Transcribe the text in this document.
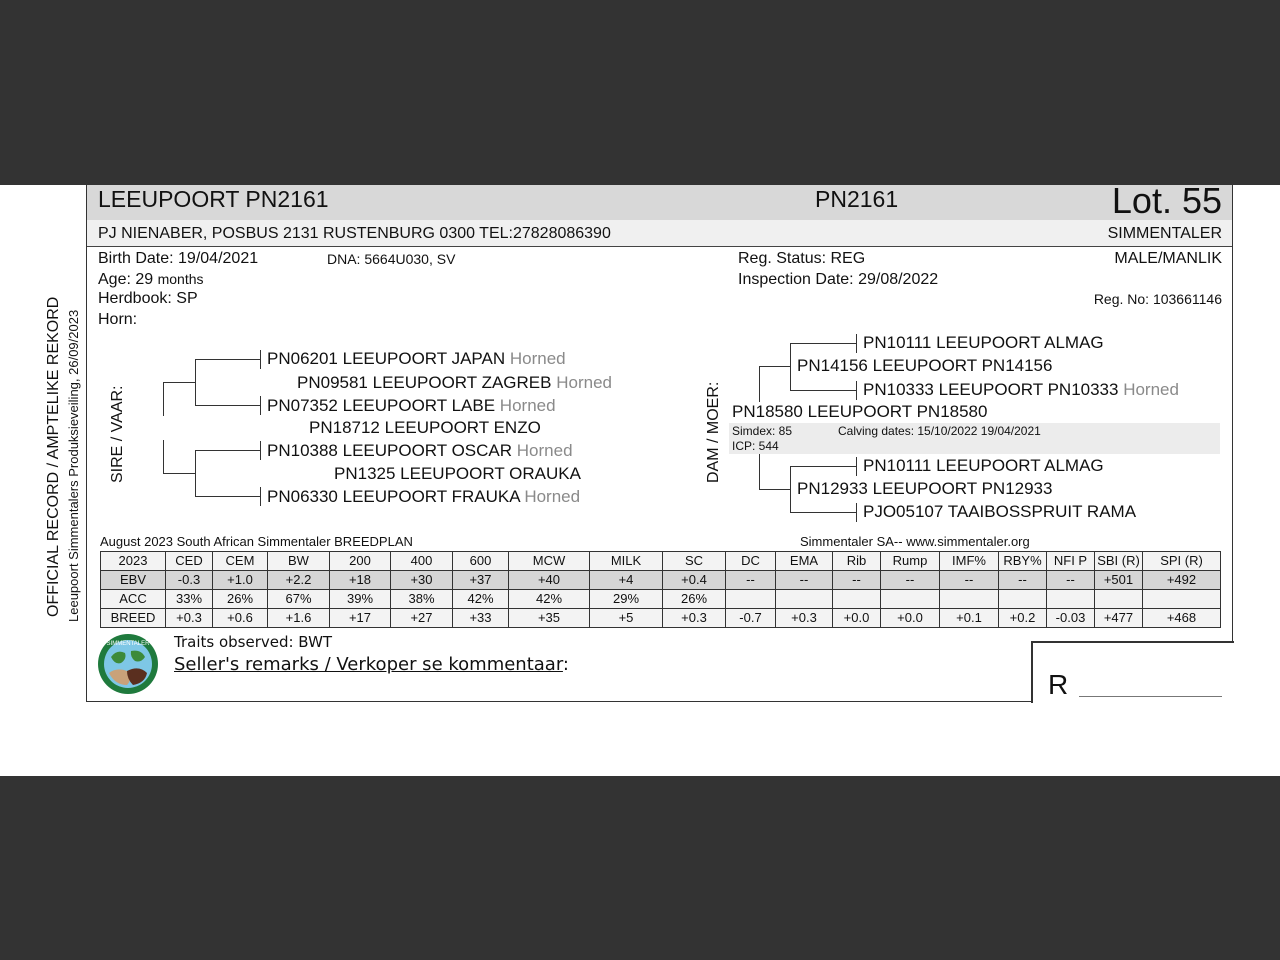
LEEUPOORT PN2161	PN2161	Lot. 55
PJ NIENABER, POSBUS 2131 RUSTENBURG 0300 TEL:27828086390	SIMMENTALER
Birth Date: 19/04/2021	DNA: 5664U030, SV
Age: 29 months
Herdbook: SP
Horn:
Reg. Status: REG
Inspection Date: 29/08/2022
MALE/MANLIK
Reg. No: 103661146
OFFICIAL RECORD / AMPTELIKE REKORD Leeupoort Simmentalers Produksieveiling, 26/09/2023 SIRE / VAAR:
PN06201 LEEUPOORT JAPAN Horned
PN09581 LEEUPOORT ZAGREB Horned
PN07352 LEEUPOORT LABE Horned
PN18712 LEEUPOORT ENZO
PN10388 LEEUPOORT OSCAR Horned
PN1325 LEEUPOORT ORAUKA
PN06330 LEEUPOORT FRAUKA Horned
DAM / MOER:
PN10111 LEEUPOORT ALMAG
PN14156 LEEUPOORT PN14156
PN10333 LEEUPOORT PN10333 Horned
PN18580 LEEUPOORT PN18580
Simdex: 85	Calving dates: 15/10/2022 19/04/2021
ICP: 544
PN10111 LEEUPOORT ALMAG
PN12933 LEEUPOORT PN12933
PJO05107 TAAIBOSSPRUIT RAMA
August 2023 South African Simmentaler BREEDPLAN	Simmentaler SA-- www.simmentaler.org
2023	CED	CEM	BW	200	400	600	MCW	MILK	SC	DC	EMA	Rib	Rump	IMF%	RBY%	NFI P	SBI (R)	SPI (R)
EBV	-0.3	+1.0	+2.2	+18	+30	+37	+40	+4	+0.4	--	--	--	--	--	--	--	+501	+492
ACC	33%	26%	67%	39%	38%	42%	42%	29%	26%									
BREED	+0.3	+0.6	+1.6	+17	+27	+33	+35	+5	+0.3	-0.7	+0.3	+0.0	+0.0	+0.1	+0.2	-0.03	+477	+468
SIMMENTALER Traits observed: BWT
Seller's remarks / Verkoper se kommentaar:
R
